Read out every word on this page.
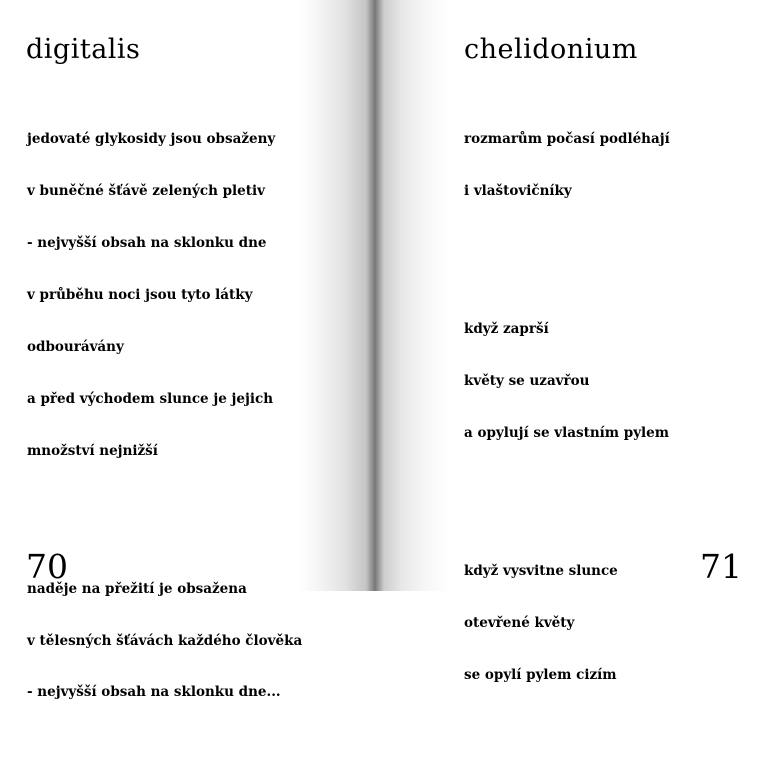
digitalis

jedovaté glykosidy jsou obsaženy

v buněčné šťávě zelených pletiv

- nejvyšší obsah na sklonku dne

v průběhu noci jsou tyto látky

odbourávány

a před východem slunce je jejich

množství nejnižší

naděje na přežití je obsažena

v tělesných šťávách každého člověka

- nejvyšší obsah na sklonku dne...

70
chelidonium

rozmarům počasí podléhají

i vlaštovičníky

když zaprší

květy se uzavřou

a opylují se vlastním pylem

když vysvitne slunce

otevřené květy

se opylí pylem cizím

71
